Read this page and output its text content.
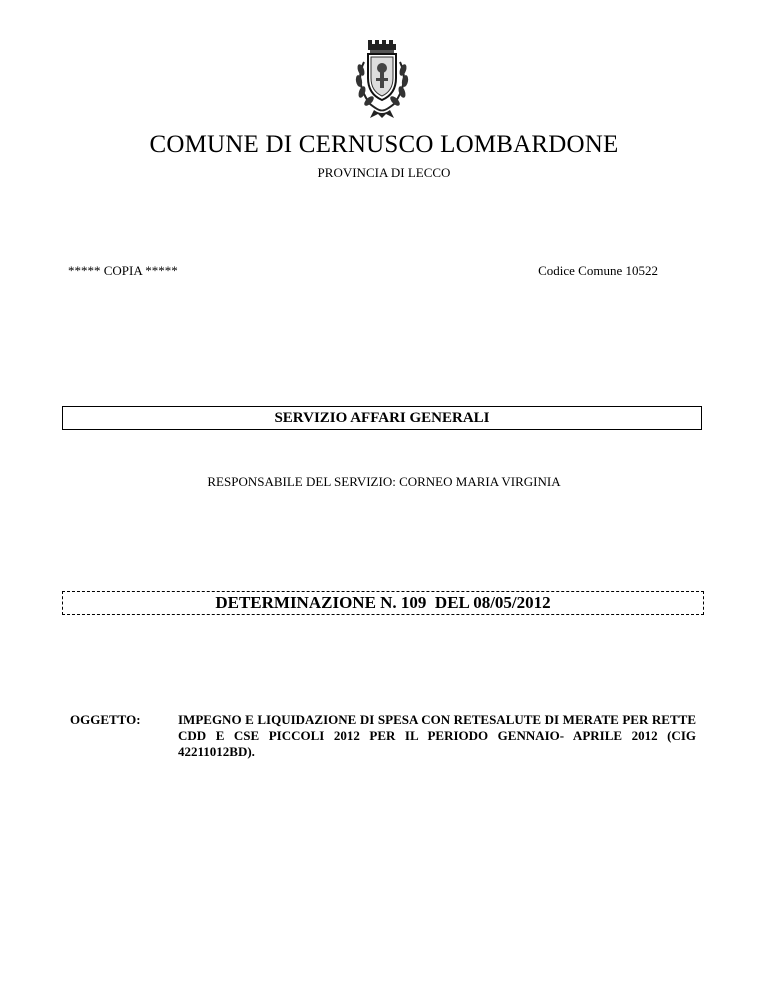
COMUNE DI CERNUSCO LOMBARDONE
PROVINCIA DI LECCO
***** COPIA *****	Codice Comune 10522
SERVIZIO AFFARI GENERALI
RESPONSABILE DEL SERVIZIO: CORNEO MARIA VIRGINIA
DETERMINAZIONE N. 109  DEL 08/05/2012
OGGETTO:	IMPEGNO E LIQUIDAZIONE DI SPESA CON RETESALUTE DI MERATE PER RETTE CDD E CSE PICCOLI 2012 PER IL PERIODO GENNAIO- APRILE 2012 (CIG 42211012BD).
